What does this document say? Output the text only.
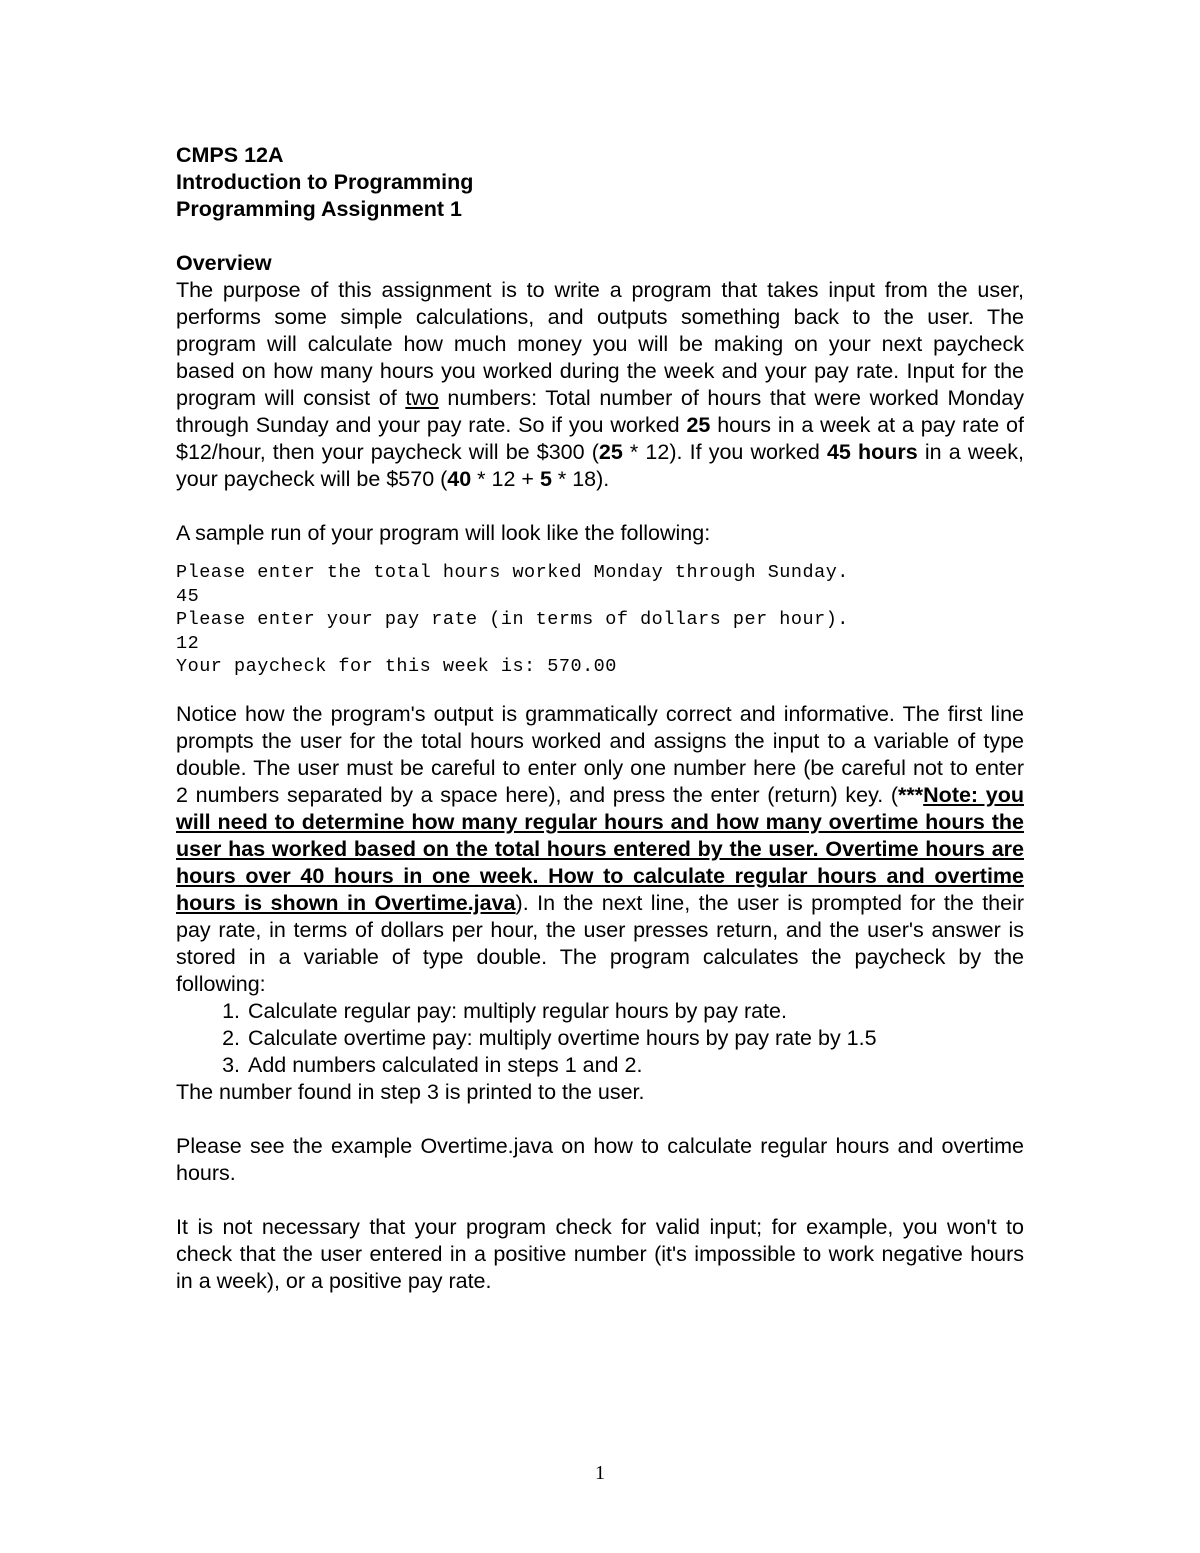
CMPS 12A

Introduction to Programming

Programming Assignment 1

Overview

The purpose of this assignment is to write a program that takes input from the user, performs some simple calculations, and outputs something back to the user. The program will calculate how much money you will be making on your next paycheck based on how many hours you worked during the week and your pay rate. Input for the program will consist of two numbers: Total number of hours that were worked Monday through Sunday and your pay rate. So if you worked 25 hours in a week at a pay rate of $12/hour, then your paycheck will be $300 (25 * 12). If you worked 45 hours in a week, your paycheck will be $570 (40 * 12 + 5 * 18).

A sample run of your program will look like the following:

Please enter the total hours worked Monday through Sunday.

45

Please enter your pay rate (in terms of dollars per hour).

12

Your paycheck for this week is: 570.00

Notice how the program's output is grammatically correct and informative. The first line prompts the user for the total hours worked and assigns the input to a variable of type double. The user must be careful to enter only one number here (be careful not to enter 2 numbers separated by a space here), and press the enter (return) key. (***Note: you will need to determine how many regular hours and how many overtime hours the user has worked based on the total hours entered by the user. Overtime hours are hours over 40 hours in one week. How to calculate regular hours and overtime hours is shown in Overtime.java). In the next line, the user is prompted for the their pay rate, in terms of dollars per hour, the user presses return, and the user's answer is stored in a variable of type double. The program calculates the paycheck by the following:

1. Calculate regular pay: multiply regular hours by pay rate.
2. Calculate overtime pay: multiply overtime hours by pay rate by 1.5
3. Add numbers calculated in steps 1 and 2.

The number found in step 3 is printed to the user.

Please see the example Overtime.java on how to calculate regular hours and overtime hours.

It is not necessary that your program check for valid input; for example, you won't to check that the user entered in a positive number (it's impossible to work negative hours in a week), or a positive pay rate.

1
